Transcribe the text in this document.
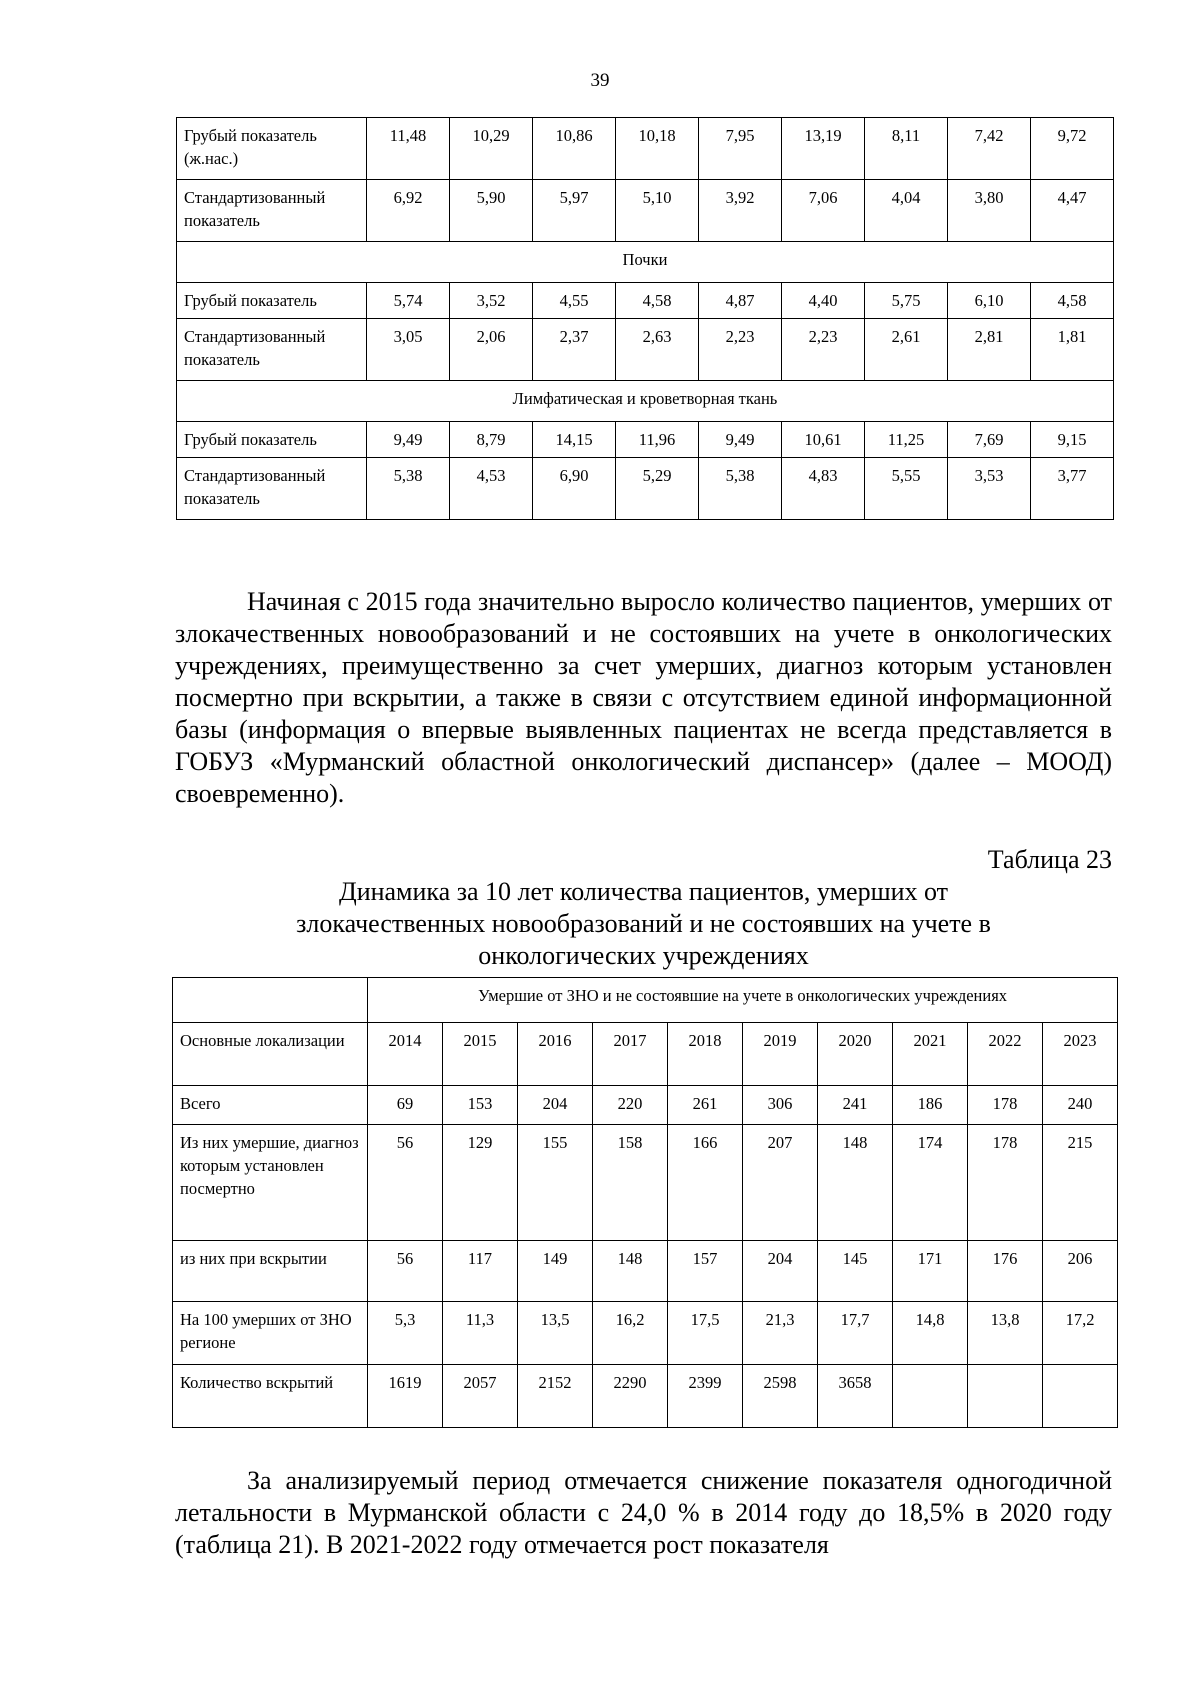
39
Грубый показатель (ж.нас.)	11,48	10,29	10,86	10,18	7,95	13,19	8,11	7,42	9,72
Стандартизованный показатель	6,92	5,90	5,97	5,10	3,92	7,06	4,04	3,80	4,47
Почки									
Грубый показатель	5,74	3,52	4,55	4,58	4,87	4,40	5,75	6,10	4,58
Стандартизованный показатель	3,05	2,06	2,37	2,63	2,23	2,23	2,61	2,81	1,81
Лимфатическая и кроветворная ткань									
Грубый показатель	9,49	8,79	14,15	11,96	9,49	10,61	11,25	7,69	9,15
Стандартизованный показатель	5,38	4,53	6,90	5,29	5,38	4,83	5,55	3,53	3,77

Начиная с 2015 года значительно выросло количество пациентов, умерших от злокачественных новообразований и не состоявших на учете в онкологических учреждениях, преимущественно за счет умерших, диагноз которым установлен посмертно при вскрытии, а также в связи с отсутствием единой информационной базы (информация о впервые выявленных пациентах не всегда представляется в ГОБУЗ «Мурманский областной онкологический диспансер» (далее – МООД) своевременно).

Таблица 23
Динамика за 10 лет количества пациентов, умерших от
злокачественных новообразований и не состоявших на учете в
онкологических учреждениях
	Умершие от ЗНО и не состоявшие на учете в онкологических учреждениях									
Основные локализации	2014	2015	2016	2017	2018	2019	2020	2021	2022	2023
Всего	69	153	204	220	261	306	241	186	178	240
Из них умершие, диагноз которым установлен посмертно	56	129	155	158	166	207	148	174	178	215
из них при вскрытии	56	117	149	148	157	204	145	171	176	206
На 100 умерших от ЗНО регионе	5,3	11,3	13,5	16,2	17,5	21,3	17,7	14,8	13,8	17,2
Количество вскрытий	1619	2057	2152	2290	2399	2598	3658			

За анализируемый период отмечается снижение показателя одногодичной летальности в Мурманской области с 24,0 % в 2014 году до 18,5% в 2020 году (таблица 21). В 2021-2022 году отмечается рост показателя
